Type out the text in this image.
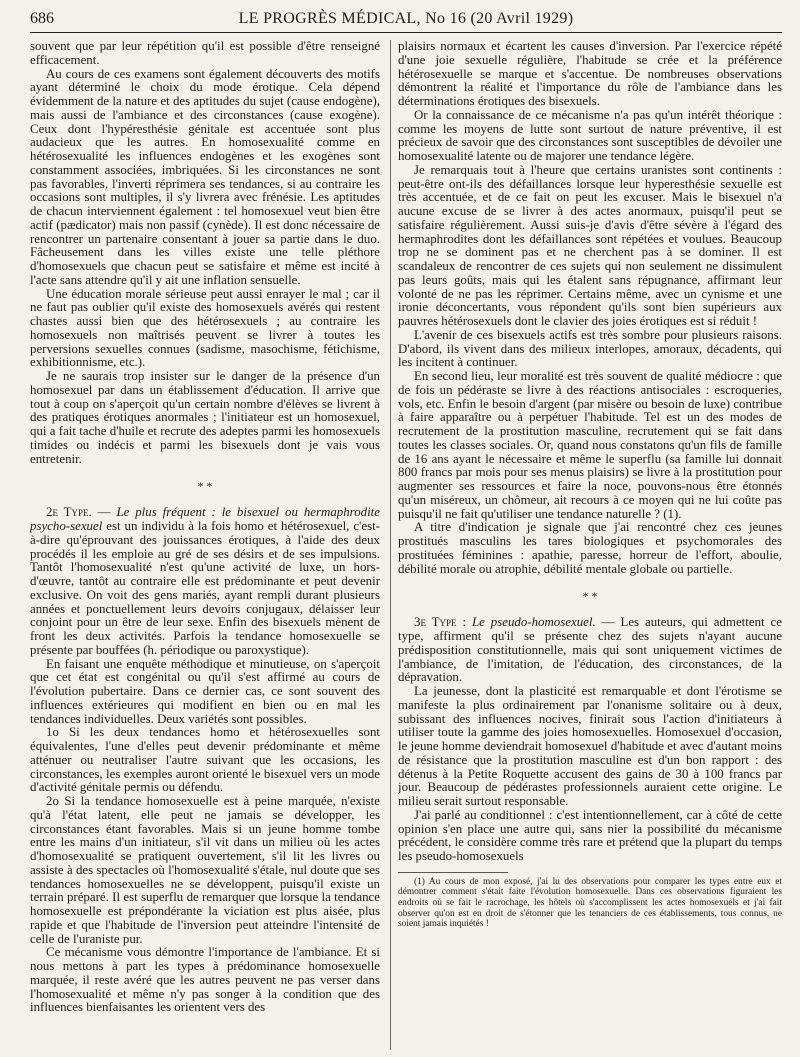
686	LE PROGRÈS MÉDICAL, No 16 (20 Avril 1929)

souvent que par leur répétition qu'il est possible d'être renseigné efficacement.

Au cours de ces examens sont également découverts des motifs ayant déterminé le choix du mode érotique. Cela dépend évidemment de la nature et des aptitudes du sujet (cause endogène), mais aussi de l'ambiance et des circonstances (cause exogène). Ceux dont l'hypéresthésie génitale est accentuée sont plus audacieux que les autres. En homosexualité comme en hétérosexualité les influences endogènes et les exogènes sont constamment associées, imbriquées. Si les circonstances ne sont pas favorables, l'inverti réprimera ses tendances, si au contraire les occasions sont multiples, il s'y livrera avec frénésie. Les aptitudes de chacun interviennent également : tel homosexuel veut bien être actif (pædicator) mais non passif (cynède). Il est donc nécessaire de rencontrer un partenaire consentant à jouer sa partie dans le duo. Fâcheusement dans les villes existe une telle pléthore d'homosexuels que chacun peut se satisfaire et même est incité à l'acte sans attendre qu'il y ait une inflation sensuelle.

Une éducation morale sérieuse peut aussi enrayer le mal ; car il ne faut pas oublier qu'il existe des homosexuels avérés qui restent chastes aussi bien que des hétérosexuels ; au contraire les homosexuels non maîtrisés peuvent se livrer à toutes les perversions sexuelles connues (sadisme, masochisme, fétichisme, exhibitionnisme, etc.).

Je ne saurais trop insister sur le danger de la présence d'un homosexuel par dans un établissement d'éducation. Il arrive que tout à coup on s'aperçoit qu'un certain nombre d'élèves se livrent à des pratiques érotiques anormales ; l'initiateur est un homosexuel, qui a fait tache d'huile et recrute des adeptes parmi les homosexuels timides ou indécis et parmi les bisexuels dont je vais vous entretenir.

* *

2e Type. — Le plus fréquent : le bisexuel ou hermaphrodite psycho-sexuel est un individu à la fois homo et hétérosexuel, c'est-à-dire qu'éprouvant des jouissances érotiques, à l'aide des deux procédés il les emploie au gré de ses désirs et de ses impulsions. Tantôt l'homosexualité n'est qu'une activité de luxe, un hors-d'œuvre, tantôt au contraire elle est prédominante et peut devenir exclusive. On voit des gens mariés, ayant rempli durant plusieurs années et ponctuellement leurs devoirs conjugaux, délaisser leur conjoint pour un être de leur sexe. Enfin des bisexuels mènent de front les deux activités. Parfois la tendance homosexuelle se présente par bouffées (h. périodique ou paroxystique).

En faisant une enquête méthodique et minutieuse, on s'aperçoit que cet état est congénital ou qu'il s'est affirmé au cours de l'évolution pubertaire. Dans ce dernier cas, ce sont souvent des influences extérieures qui modifient en bien ou en mal les tendances individuelles. Deux variétés sont possibles.

1o Si les deux tendances homo et hétérosexuelles sont équivalentes, l'une d'elles peut devenir prédominante et même atténuer ou neutraliser l'autre suivant que les occasions, les circonstances, les exemples auront orienté le bisexuel vers un mode d'activité génitale permis ou défendu.

2o Si la tendance homosexuelle est à peine marquée, n'existe qu'à l'état latent, elle peut ne jamais se développer, les circonstances étant favorables. Mais si un jeune homme tombe entre les mains d'un initiateur, s'il vit dans un milieu où les actes d'homosexualité se pratiquent ouvertement, s'il lit les livres ou assiste à des spectacles où l'homosexualité s'étale, nul doute que ses tendances homosexuelles ne se développent, puisqu'il existe un terrain préparé. Il est superflu de remarquer que lorsque la tendance homosexuelle est prépondérante la viciation est plus aisée, plus rapide et que l'habitude de l'inversion peut atteindre l'intensité de celle de l'uraniste pur.

Ce mécanisme vous démontre l'importance de l'ambiance. Et si nous mettons à part les types à prédominance homosexuelle marquée, il reste avéré que les autres peuvent ne pas verser dans l'homosexualité et même n'y pas songer à la condition que des influences bienfaisantes les orientent vers des

plaisirs normaux et écartent les causes d'inversion. Par l'exercice répété d'une joie sexuelle régulière, l'habitude se crée et la préférence hétérosexuelle se marque et s'accentue. De nombreuses observations démontrent la réalité et l'importance du rôle de l'ambiance dans les déterminations érotiques des bisexuels.

Or la connaissance de ce mécanisme n'a pas qu'un intérêt théorique : comme les moyens de lutte sont surtout de nature préventive, il est précieux de savoir que des circonstances sont susceptibles de dévoiler une homosexualité latente ou de majorer une tendance légère.

Je remarquais tout à l'heure que certains uranistes sont continents : peut-être ont-ils des défaillances lorsque leur hyperesthésie sexuelle est très accentuée, et de ce fait on peut les excuser. Mais le bisexuel n'a aucune excuse de se livrer à des actes anormaux, puisqu'il peut se satisfaire régulièrement. Aussi suis-je d'avis d'être sévère à l'égard des hermaphrodites dont les défaillances sont répétées et voulues. Beaucoup trop ne se dominent pas et ne cherchent pas à se dominer. Il est scandaleux de rencontrer de ces sujets qui non seulement ne dissimulent pas leurs goûts, mais qui les étalent sans répugnance, affirmant leur volonté de ne pas les réprimer. Certains même, avec un cynisme et une ironie déconcertants, vous répondent qu'ils sont bien supérieurs aux pauvres hétérosexuels dont le clavier des joies érotiques est si réduit !

L'avenir de ces bisexuels actifs est très sombre pour plusieurs raisons. D'abord, ils vivent dans des milieux interlopes, amoraux, décadents, qui les incitent à continuer.

En second lieu, leur moralité est très souvent de qualité médiocre : que de fois un pédéraste se livre à des réactions antisociales : escroqueries, vols, etc. Enfin le besoin d'argent (par misère ou besoin de luxe) contribue à faire apparaître ou à perpétuer l'habitude. Tel est un des modes de recrutement de la prostitution masculine, recrutement qui se fait dans toutes les classes sociales. Or, quand nous constatons qu'un fils de famille de 16 ans ayant le nécessaire et même le superflu (sa famille lui donnait 800 francs par mois pour ses menus plaisirs) se livre à la prostitution pour augmenter ses ressources et faire la noce, pouvons-nous être étonnés qu'un miséreux, un chômeur, ait recours à ce moyen qui ne lui coûte pas puisqu'il ne fait qu'utiliser une tendance naturelle ? (1).

A titre d'indication je signale que j'ai rencontré chez ces jeunes prostitués masculins les tares biologiques et psychomorales des prostituées féminines : apathie, paresse, horreur de l'effort, aboulie, débilité morale ou atrophie, débilité mentale globale ou partielle.

* *

3e Type : Le pseudo-homosexuel. — Les auteurs, qui admettent ce type, affirment qu'il se présente chez des sujets n'ayant aucune prédisposition constitutionnelle, mais qui sont uniquement victimes de l'ambiance, de l'imitation, de l'éducation, des circonstances, de la dépravation.

La jeunesse, dont la plasticité est remarquable et dont l'érotisme se manifeste la plus ordinairement par l'onanisme solitaire ou à deux, subissant des influences nocives, finirait sous l'action d'initiateurs à utiliser toute la gamme des joies homosexuelles. Homosexuel d'occasion, le jeune homme deviendrait homosexuel d'habitude et avec d'autant moins de résistance que la prostitution masculine est d'un bon rapport : des détenus à la Petite Roquette accusent des gains de 30 à 100 francs par jour. Beaucoup de pédérastes professionnels auraient cette origine. Le milieu serait surtout responsable.

J'ai parlé au conditionnel : c'est intentionnellement, car à côté de cette opinion s'en place une autre qui, sans nier la possibilité du mécanisme précédent, le considère comme très rare et prétend que la plupart du temps les pseudo-homosexuels

(1) Au cours de mon exposé, j'ai lu des observations pour comparer les types entre eux et démontrer comment s'était faite l'évolution homosexuelle. Dans ces observations figuraient les endroits où se fait le racrochage, les hôtels où s'accomplissent les actes homosexuels et j'ai fait observer qu'on est en droit de s'étonner que les tenanciers de ces établissements, tous connus, ne soient jamais inquiétés !
